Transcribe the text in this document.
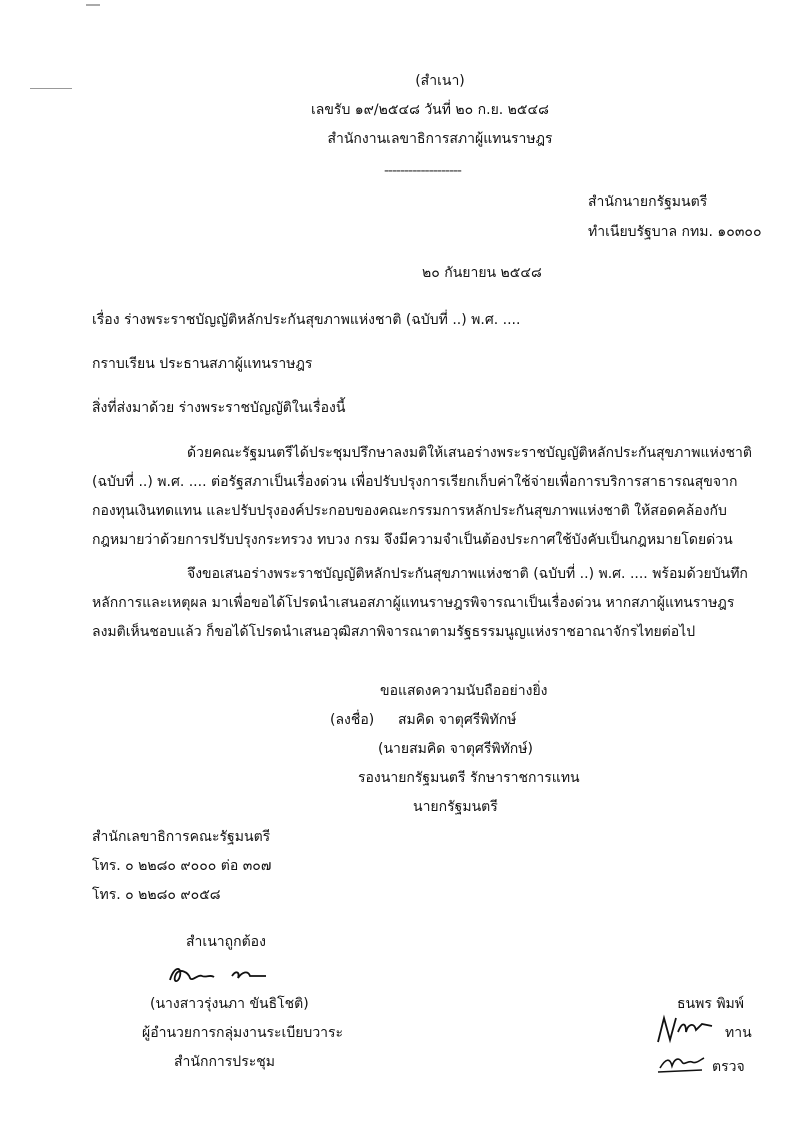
(สำเนา)
เลขรับ ๑๙/๒๕๔๘ วันที่ ๒๐ ก.ย. ๒๕๔๘
สำนักงานเลขาธิการสภาผู้แทนราษฎร
-------------------
สำนักนายกรัฐมนตรี
ทำเนียบรัฐบาล กทม. ๑๐๓๐๐
๒๐ กันยายน ๒๕๔๘
เรื่อง ร่างพระราชบัญญัติหลักประกันสุขภาพแห่งชาติ (ฉบับที่ ..) พ.ศ. ....
กราบเรียน ประธานสภาผู้แทนราษฎร
สิ่งที่ส่งมาด้วย ร่างพระราชบัญญัติในเรื่องนี้
ด้วยคณะรัฐมนตรีได้ประชุมปรึกษาลงมติให้เสนอร่างพระราชบัญญัติหลักประกันสุขภาพแห่งชาติ
(ฉบับที่ ..) พ.ศ. .... ต่อรัฐสภาเป็นเรื่องด่วน เพื่อปรับปรุงการเรียกเก็บค่าใช้จ่ายเพื่อการบริการสาธารณสุขจาก
กองทุนเงินทดแทน และปรับปรุงองค์ประกอบของคณะกรรมการหลักประกันสุขภาพแห่งชาติ ให้สอดคล้องกับ
กฎหมายว่าด้วยการปรับปรุงกระทรวง ทบวง กรม จึงมีความจำเป็นต้องประกาศใช้บังคับเป็นกฎหมายโดยด่วน
จึงขอเสนอร่างพระราชบัญญัติหลักประกันสุขภาพแห่งชาติ (ฉบับที่ ..) พ.ศ. .... พร้อมด้วยบันทึก
หลักการและเหตุผล มาเพื่อขอได้โปรดนำเสนอสภาผู้แทนราษฎรพิจารณาเป็นเรื่องด่วน หากสภาผู้แทนราษฎร
ลงมติเห็นชอบแล้ว ก็ขอได้โปรดนำเสนอวุฒิสภาพิจารณาตามรัฐธรรมนูญแห่งราชอาณาจักรไทยต่อไป
ขอแสดงความนับถืออย่างยิ่ง
(ลงชื่อ) สมคิด จาตุศรีพิทักษ์
(นายสมคิด จาตุศรีพิทักษ์)
รองนายกรัฐมนตรี รักษาราชการแทน
นายกรัฐมนตรี
สำนักเลขาธิการคณะรัฐมนตรี
โทร. ๐ ๒๒๘๐ ๙๐๐๐ ต่อ ๓๐๗
โทร. ๐ ๒๒๘๐ ๙๐๕๘
สำเนาถูกต้อง
(นางสาวรุ่งนภา ขันธิโชติ)
ผู้อำนวยการกลุ่มงานระเบียบวาระ
สำนักการประชุม
ธนพร พิมพ์
ทาน
ตรวจ
